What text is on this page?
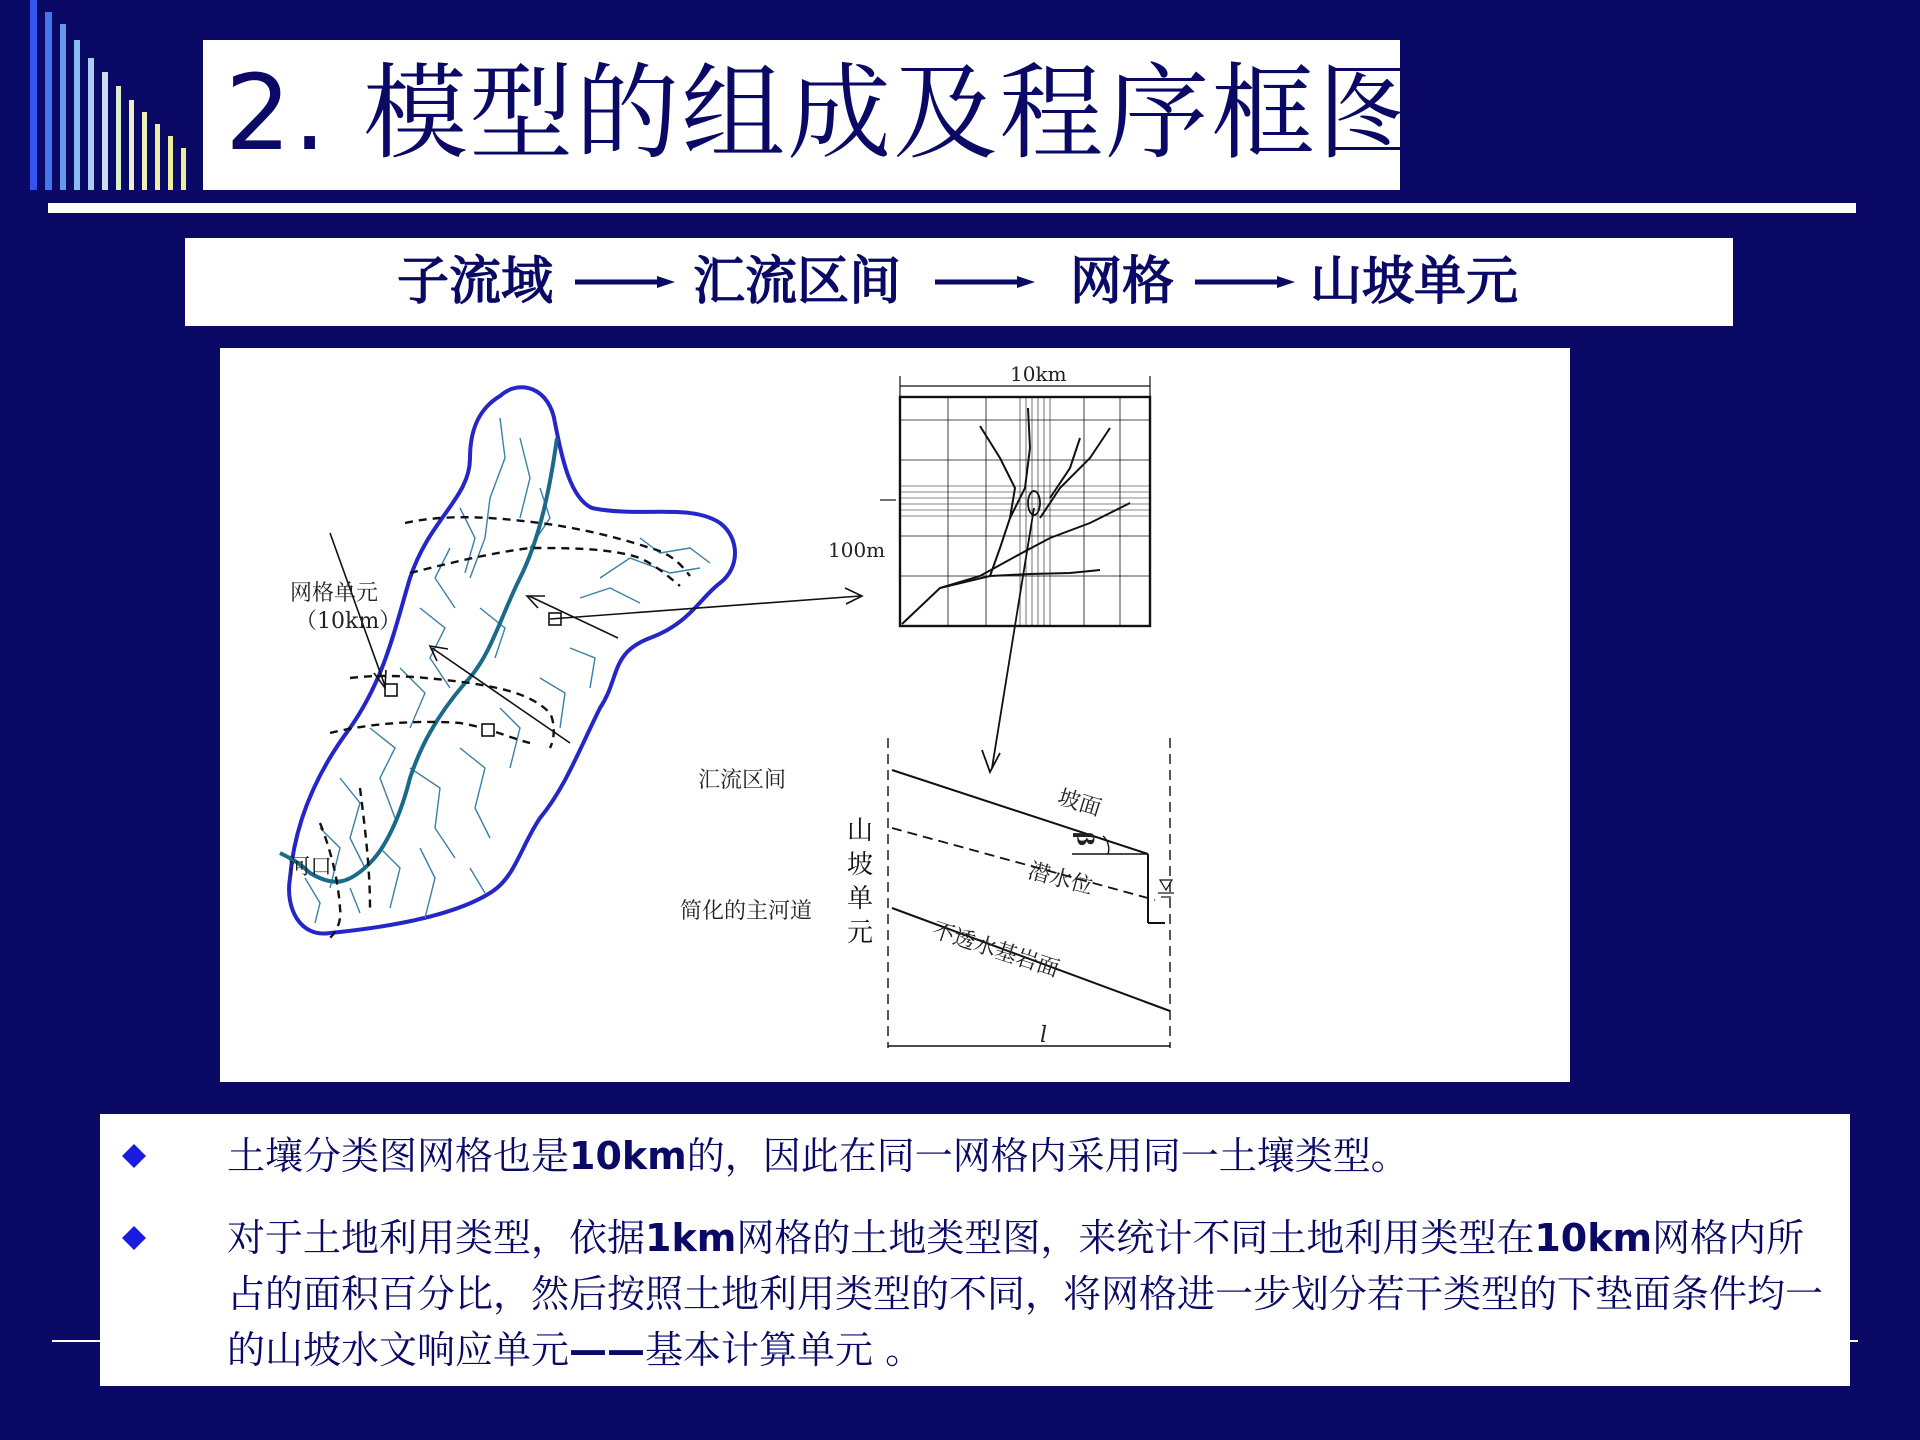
2. 模型的组成及程序框图
子流域	汇流区间	网格	山坡单元
网格单元
（10km）
河口
汇流区间
简化的主河道
10km
100m
坡面
β
潜水位
不透水基岩面
l
山坡单元
土壤分类图网格也是10km的，因此在同一网格内采用同一土壤类型。
对于土地利用类型，依据1km网格的土地类型图，来统计不同土地利用类型在10km网格内所占的面积百分比，然后按照土地利用类型的不同，将网格进一步划分若干类型的下垫面条件均一的山坡水文响应单元——基本计算单元 。
